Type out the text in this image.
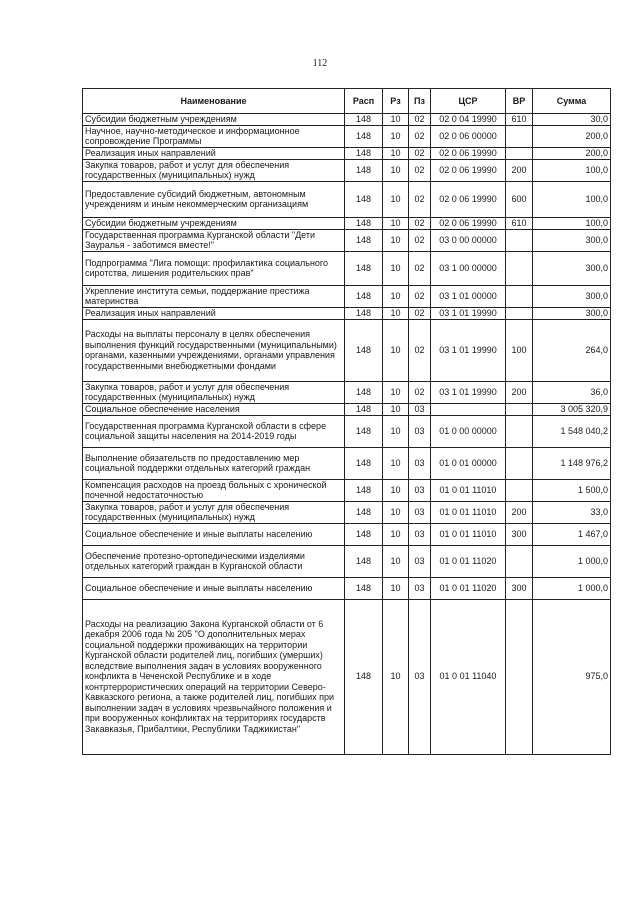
112
Наименование	Расп	Рз	Пз	ЦСР	ВР	Сумма
Субсидии бюджетным учреждениям	148	10	02	02 0 04 19990	610	30,0
Научное, научно-методическое и информационное сопровождение Программы	148	10	02	02 0 06 00000		200,0
Реализация иных направлений	148	10	02	02 0 06 19990		200,0
Закупка товаров, работ и услуг для обеспечения государственных (муниципальных) нужд	148	10	02	02 0 06 19990	200	100,0
Предоставление субсидий бюджетным, автономным учреждениям и иным некоммерческим организациям	148	10	02	02 0 06 19990	600	100,0
Субсидии бюджетным учреждениям	148	10	02	02 0 06 19990	610	100,0
Государственная программа Курганской области "Дети Зауралья - заботимся вместе!"	148	10	02	03 0 00 00000		300,0
Подпрограмма "Лига помощи: профилактика социального сиротства, лишения родительских прав"	148	10	02	03 1 00 00000		300,0
Укрепление института семьи, поддержание престижа материнства	148	10	02	03 1 01 00000		300,0
Реализация иных направлений	148	10	02	03 1 01 19990		300,0
Расходы на выплаты персоналу в целях обеспечения выполнения функций государственными (муниципальными) органами, казенными учреждениями, органами управления государственными внебюджетными фондами	148	10	02	03 1 01 19990	100	264,0
Закупка товаров, работ и услуг для обеспечения государственных (муниципальных) нужд	148	10	02	03 1 01 19990	200	36,0
Социальное обеспечение населения	148	10	03			3 005 320,9
Государственная программа Курганской области в сфере социальной защиты населения на 2014-2019 годы	148	10	03	01 0 00 00000		1 548 040,2
Выполнение обязательств по предоставлению мер социальной поддержки отдельных категорий граждан	148	10	03	01 0 01 00000		1 148 976,2
Компенсация расходов на проезд больных с хронической почечной недостаточностью	148	10	03	01 0 01 11010		1 500,0
Закупка товаров, работ и услуг для обеспечения государственных (муниципальных) нужд	148	10	03	01 0 01 11010	200	33,0
Социальное обеспечение и иные выплаты населению	148	10	03	01 0 01 11010	300	1 467,0
Обеспечение протезно-ортопедическими изделиями отдельных категорий граждан в Курганской области	148	10	03	01 0 01 11020		1 000,0
Социальное обеспечение и иные выплаты населению	148	10	03	01 0 01 11020	300	1 000,0
Расходы на реализацию Закона Курганской области от 6 декабря 2006 года № 205 "О дополнительных мерах социальной поддержки проживающих на территории Курганской области родителей лиц, погибших (умерших) вследствие выполнения задач в условиях вооруженного конфликта в Чеченской Республике и в ходе контртеррористических операций на территории Северо-Кавказского региона, а также родителей лиц, погибших при выполнении задач в условиях чрезвычайного положения и при вооруженных конфликтах на территориях государств Закавказья, Прибалтики, Республики Таджикистан"	148	10	03	01 0 01 11040		975,0
